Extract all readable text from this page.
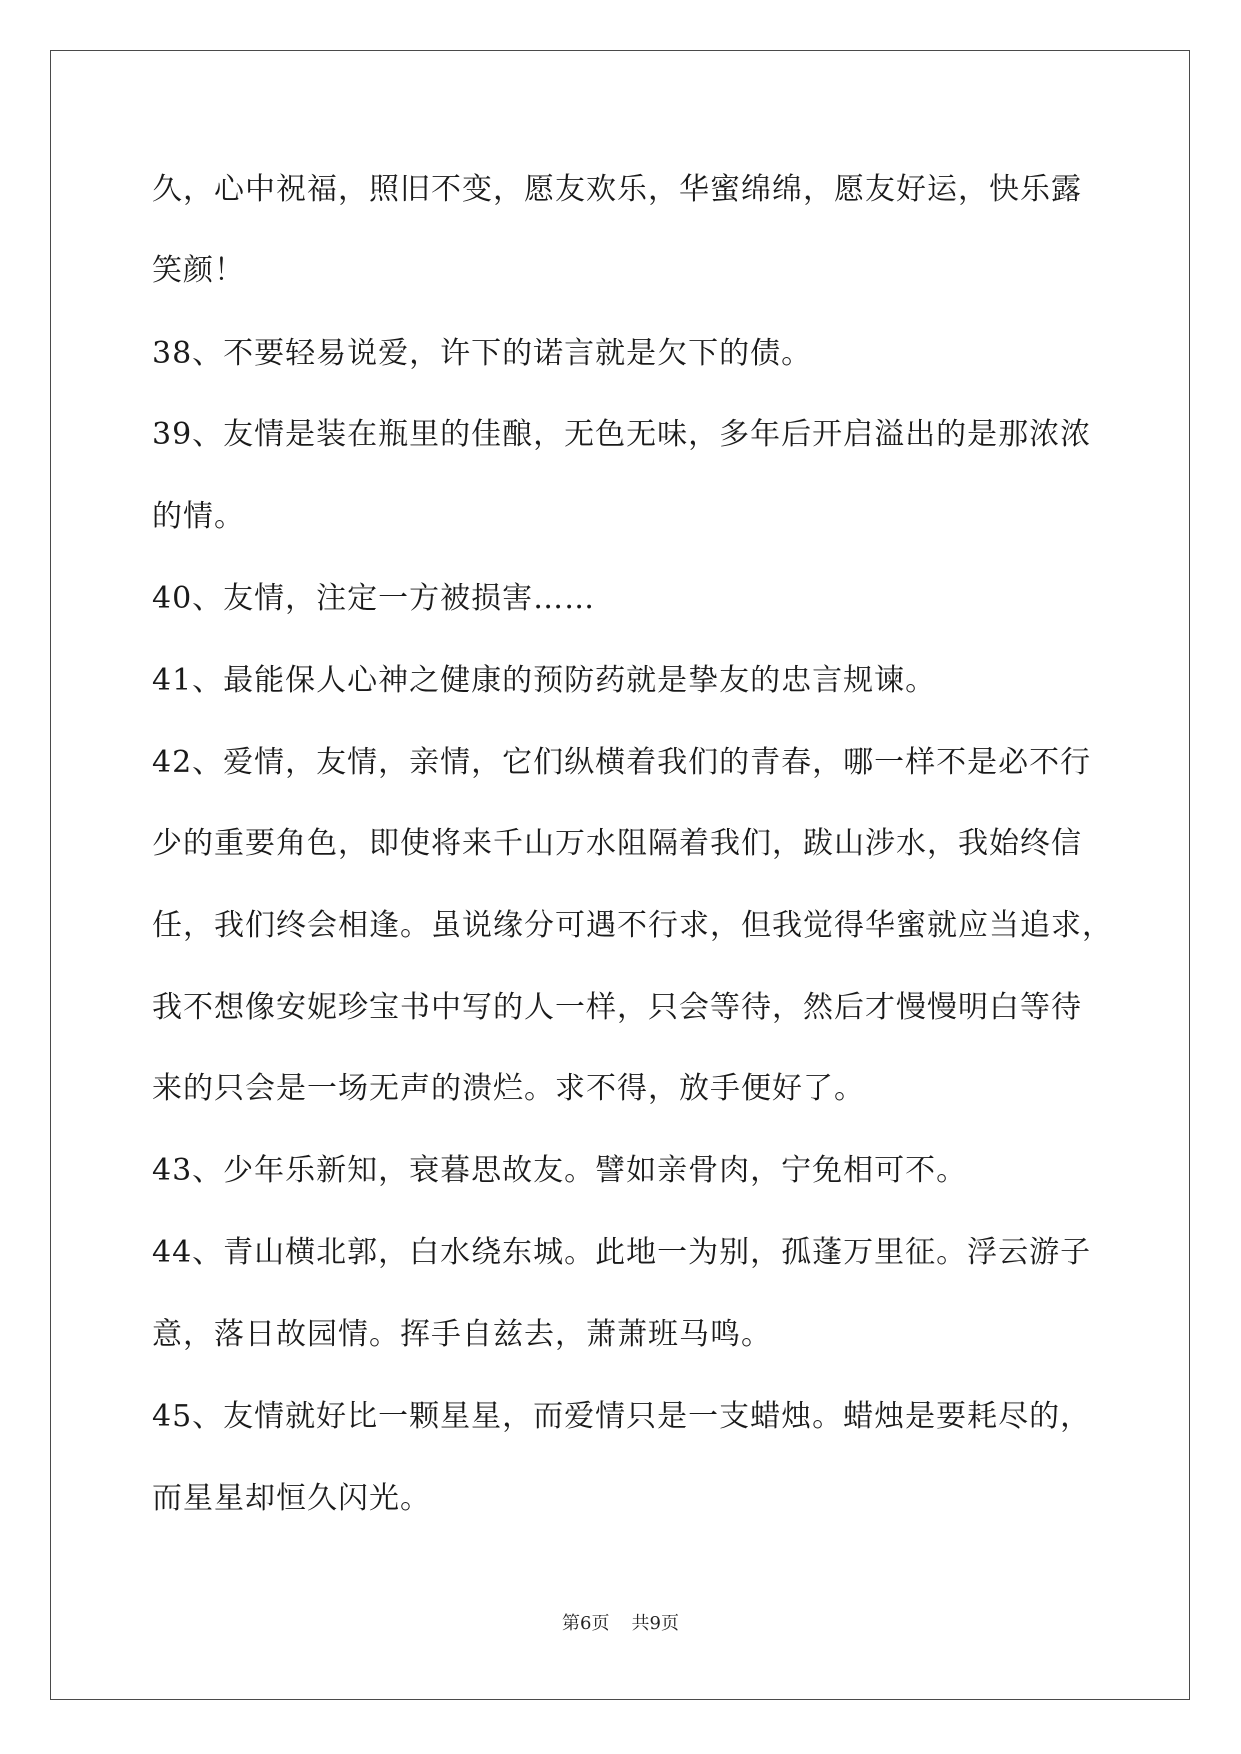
久，心中祝福，照旧不变，愿友欢乐，华蜜绵绵，愿友好运，快乐露
笑颜！
38、不要轻易说爱，许下的诺言就是欠下的债。
39、友情是装在瓶里的佳酿，无色无味，多年后开启溢出的是那浓浓
的情。
40、友情，注定一方被损害……
41、最能保人心神之健康的预防药就是挚友的忠言规谏。
42、爱情，友情，亲情，它们纵横着我们的青春，哪一样不是必不行
少的重要角色，即使将来千山万水阻隔着我们，跋山涉水，我始终信
任，我们终会相逢。虽说缘分可遇不行求，但我觉得华蜜就应当追求，
我不想像安妮珍宝书中写的人一样，只会等待，然后才慢慢明白等待
来的只会是一场无声的溃烂。求不得，放手便好了。
43、少年乐新知，衰暮思故友。譬如亲骨肉，宁免相可不。
44、青山横北郭，白水绕东城。此地一为别，孤蓬万里征。浮云游子
意，落日故园情。挥手自兹去，萧萧班马鸣。
45、友情就好比一颗星星，而爱情只是一支蜡烛。蜡烛是要耗尽的，
而星星却恒久闪光。
第6页 共9页
